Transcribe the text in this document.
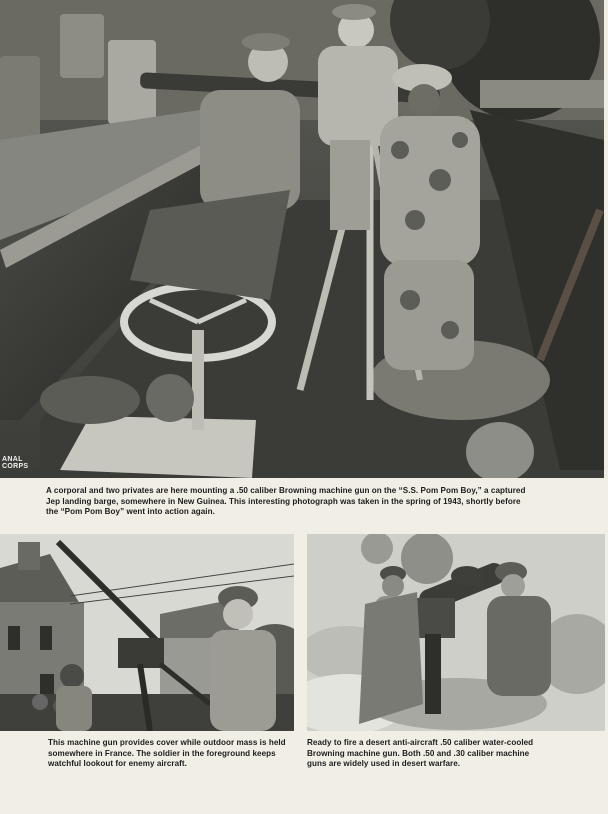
ANAL CORPS
A corporal and two privates are here mounting a .50 caliber Browning machine gun on the “S.S. Pom Pom Boy,” a captured
Jep landing barge, somewhere in New Guinea. This interesting photograph was taken in the spring of 1943, shortly before
the “Pom Pom Boy” went into action again.
This machine gun provides cover while outdoor mass is held
somewhere in France. The soldier in the foreground keeps
watchful lookout for enemy aircraft.
Ready to fire a desert anti-aircraft .50 caliber water-cooled
Browning machine gun. Both .50 and .30 caliber machine
guns are widely used in desert warfare.
